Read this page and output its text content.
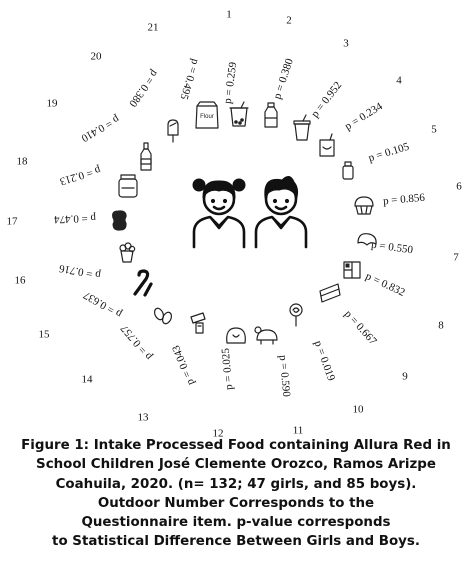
1
p = 0.259
2
p = 0.380
3
p = 0.952	4
p = 0.234	5
p = 0.105
6
p = 0.856
7
p = 0.550
8
p = 0.832
9
p = 0.667
10
p = 0.019
11
p = 0.590
12
p = 0.025
13
p = 0.043
14
p = 0.757
15
p = 0.637
16	p = 0.716
17	p = 0.474
18
p = 0.213
19
p = 0.410
20
p = 0.380
21
p = 0.495
Flour
Figure 1: Intake Processed Food containing Allura Red in
School Children José Clemente Orozco, Ramos Arizpe
Coahuila, 2020. (n= 132; 47 girls, and 85 boys).
Outdoor Number Corresponds to the
Questionnaire item. p-value corresponds
to Statistical Difference Between Girls and Boys.
